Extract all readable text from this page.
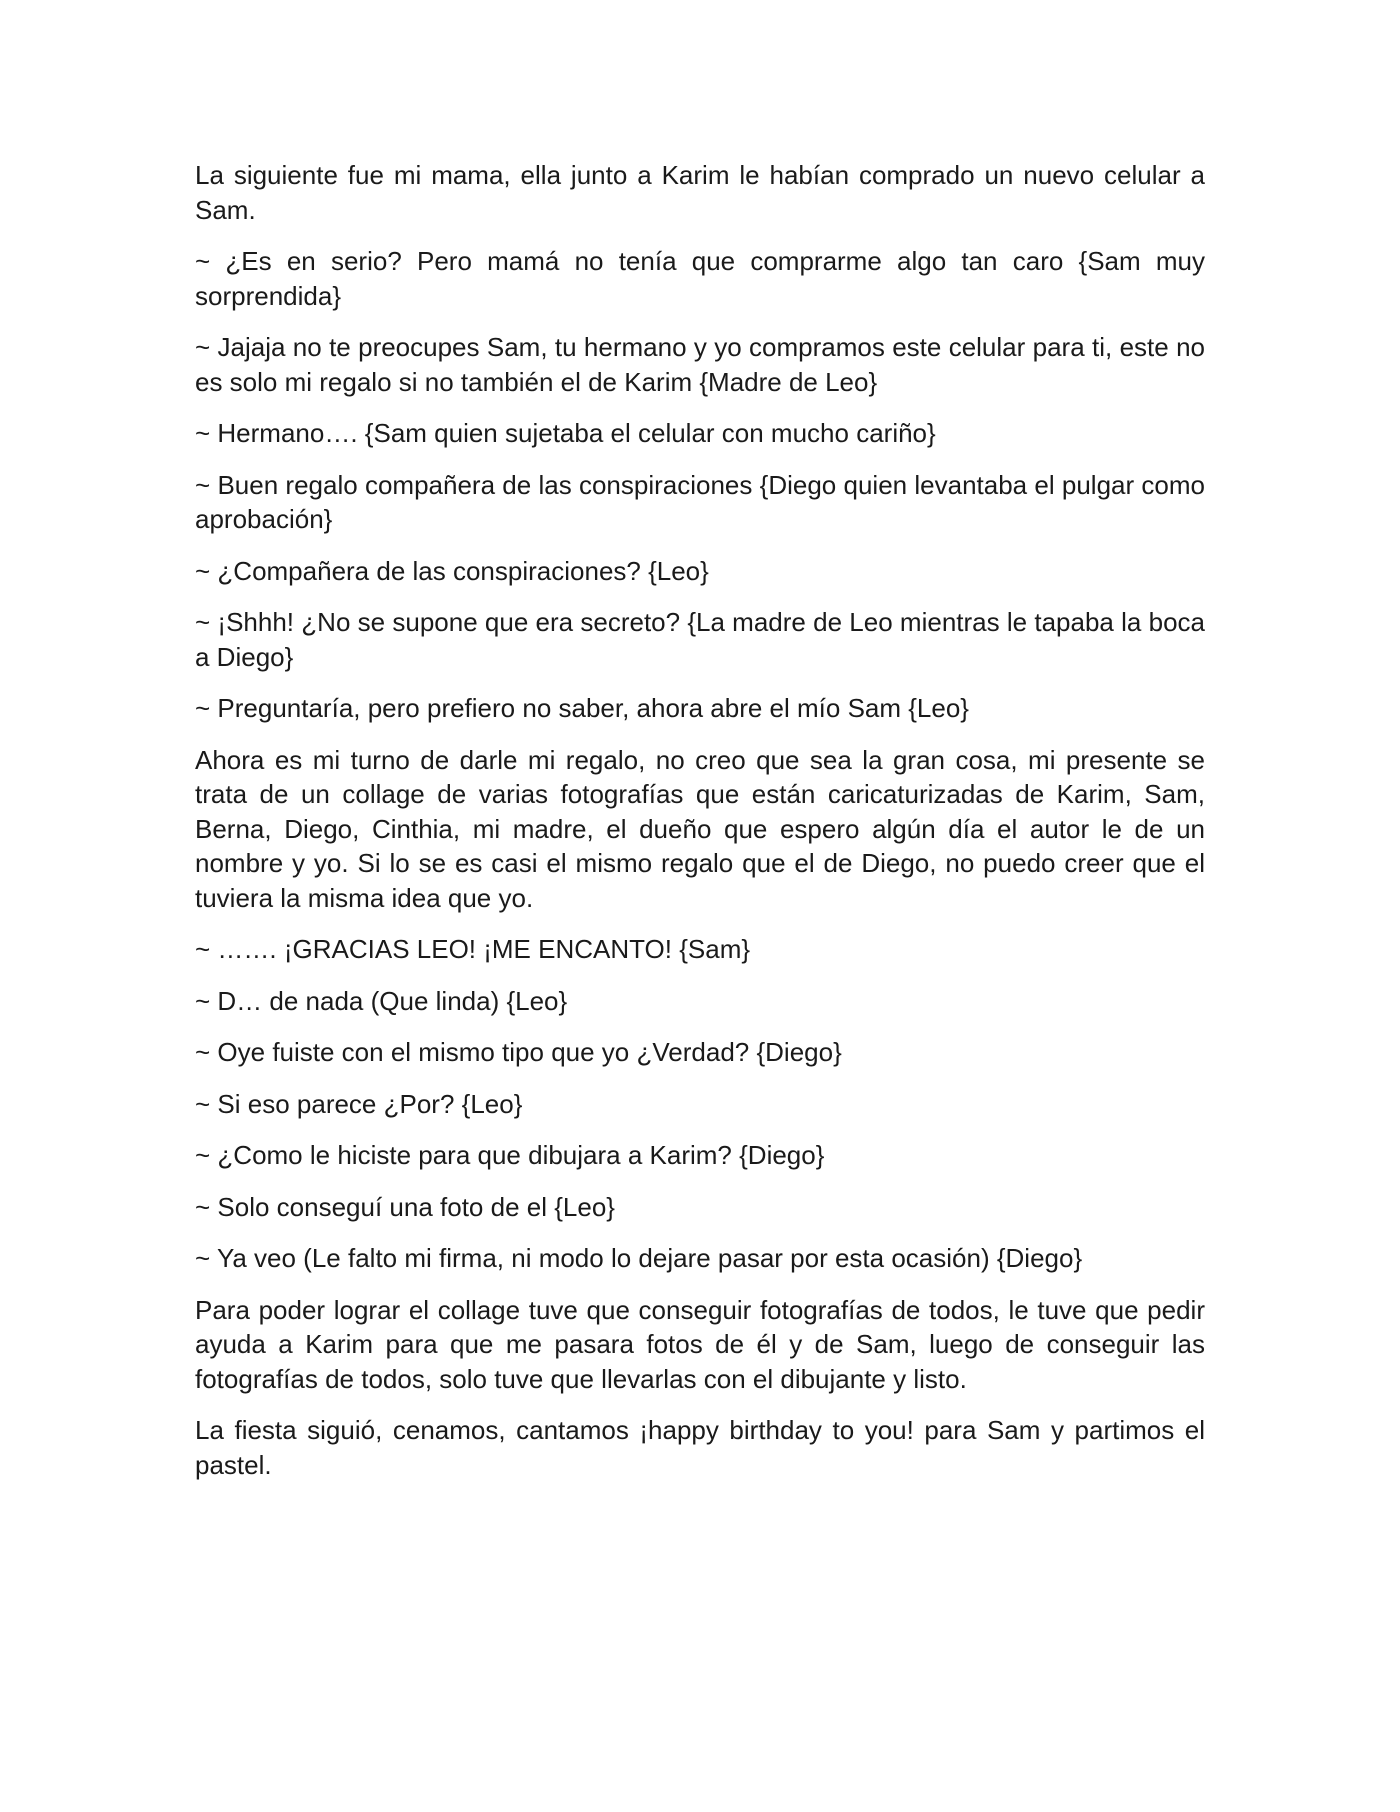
La siguiente fue mi mama, ella junto a Karim le habían comprado un nuevo celular a Sam.

~ ¿Es en serio? Pero mamá no tenía que comprarme algo tan caro {Sam muy sorprendida}

~ Jajaja no te preocupes Sam, tu hermano y yo compramos este celular para ti, este no es solo mi regalo si no también el de Karim {Madre de Leo}

~ Hermano…. {Sam quien sujetaba el celular con mucho cariño}

~ Buen regalo compañera de las conspiraciones {Diego quien levantaba el pulgar como aprobación}

~ ¿Compañera de las conspiraciones? {Leo}

~ ¡Shhh! ¿No se supone que era secreto? {La madre de Leo mientras le tapaba la boca a Diego}

~ Preguntaría, pero prefiero no saber, ahora abre el mío Sam {Leo}

Ahora es mi turno de darle mi regalo, no creo que sea la gran cosa, mi presente se trata de un collage de varias fotografías que están caricaturizadas de Karim, Sam, Berna, Diego, Cinthia, mi madre, el dueño que espero algún día el autor le de un nombre y yo. Si lo se es casi el mismo regalo que el de Diego, no puedo creer que el tuviera la misma idea que yo.

~ ……. ¡GRACIAS LEO! ¡ME ENCANTO! {Sam}

~ D… de nada (Que linda) {Leo}

~ Oye fuiste con el mismo tipo que yo ¿Verdad? {Diego}

~ Si eso parece ¿Por? {Leo}

~ ¿Como le hiciste para que dibujara a Karim? {Diego}

~ Solo conseguí una foto de el {Leo}

~ Ya veo (Le falto mi firma, ni modo lo dejare pasar por esta ocasión) {Diego}

Para poder lograr el collage tuve que conseguir fotografías de todos, le tuve que pedir ayuda a Karim para que me pasara fotos de él y de Sam, luego de conseguir las fotografías de todos, solo tuve que llevarlas con el dibujante y listo.

La fiesta siguió, cenamos, cantamos ¡happy birthday to you! para Sam y partimos el pastel.
